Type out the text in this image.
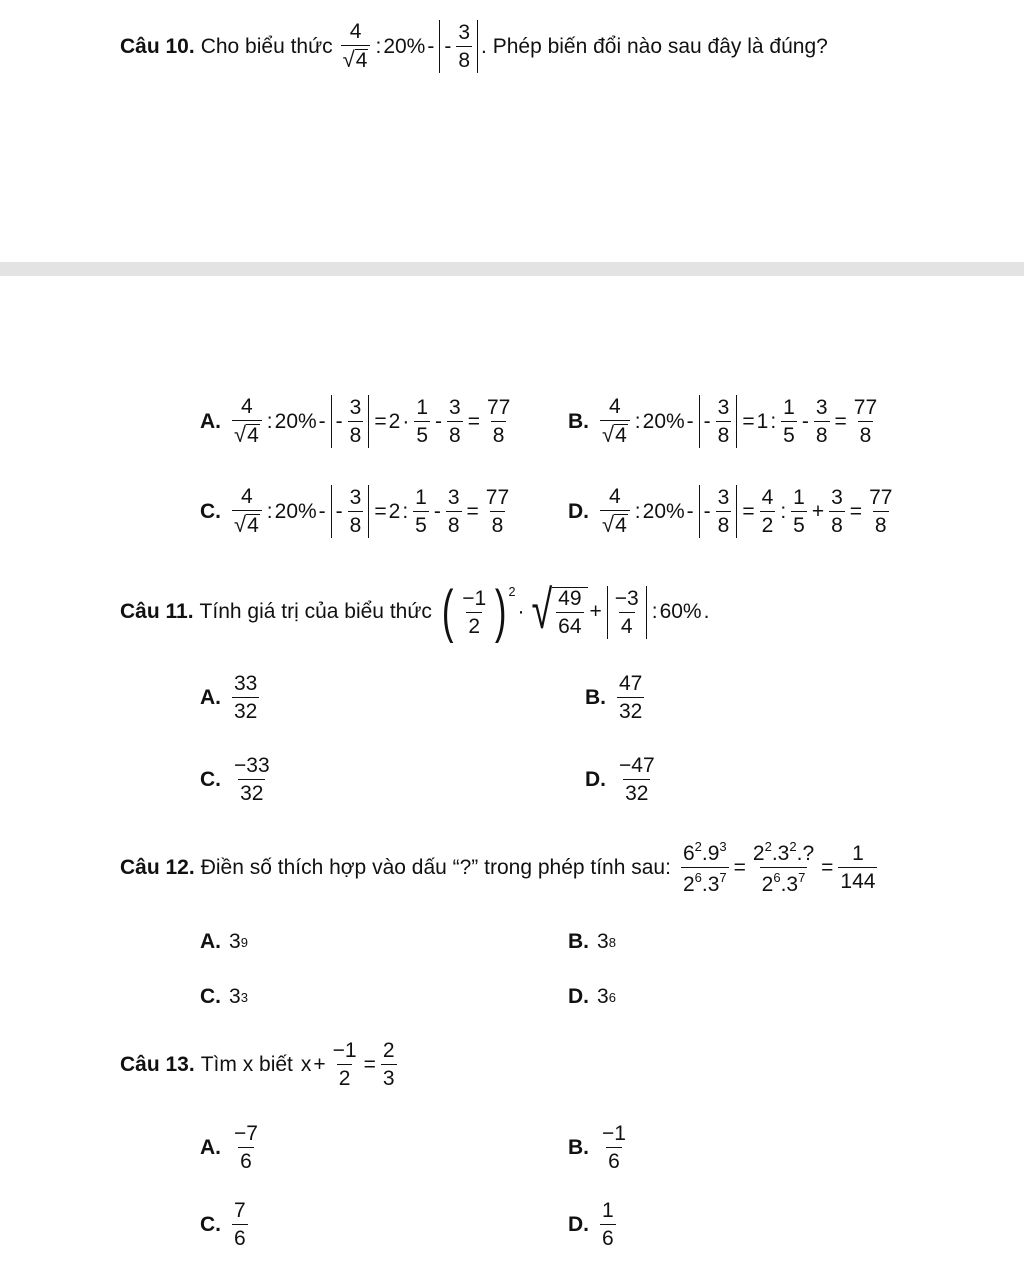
Câu 10. Cho biểu thức $\frac{4}{√ 4}$ : 20% - - $\frac{3}{8}$ . Phép biến đổi nào sau đây là đúng?
A. $\frac{4}{√ 4}$ : 20% - - $\frac{3}{8} = 2 \cdot \frac{1}{5} - \frac{3}{8} = \frac{77}{8}$	B. $\frac{4}{√ 4}$ : 20% - - $\frac{3}{8} = 1$ : $\frac{1}{5} - \frac{3}{8} = \frac{77}{8}$
C. $\frac{4}{√ 4}$ : 20% - - $\frac{3}{8} = 2$ : $\frac{1}{5} - \frac{3}{8} = \frac{77}{8}$	D. $\frac{4}{√ 4}$ : 20% - - $\frac{3}{8} = \frac{4}{2}$ : $\frac{1}{5} + \frac{3}{8} = \frac{77}{8}$
Câu 11. Tính giá trị của biểu thức ( $\frac{-1}{2}$ ) 2
· √ $\frac{49}{64} + \frac{-3}{4}$ : 60% .
A. $\frac{33}{32}$	B. $\frac{47}{32}$
C. $\frac{-33}{32}$	D. $\frac{-47}{32}$
Câu 12. Điền số thích hợp vào dấu “?” trong phép tính sau: $\frac{6^2.9^3}{2^6.3^7} = \frac{2^2.3^2.?}{2^6.3^7} = \frac{1}{144}$
A. 3 9	B. 3 8
C. 3 3	D. 3 6
Câu 13. Tìm x biết $x + \frac{-1}{2} = \frac{2}{3}$
A. $\frac{-7}{6}$	B. $\frac{-1}{6}$
C. $\frac{7}{6}$	D. $\frac{1}{6}$
